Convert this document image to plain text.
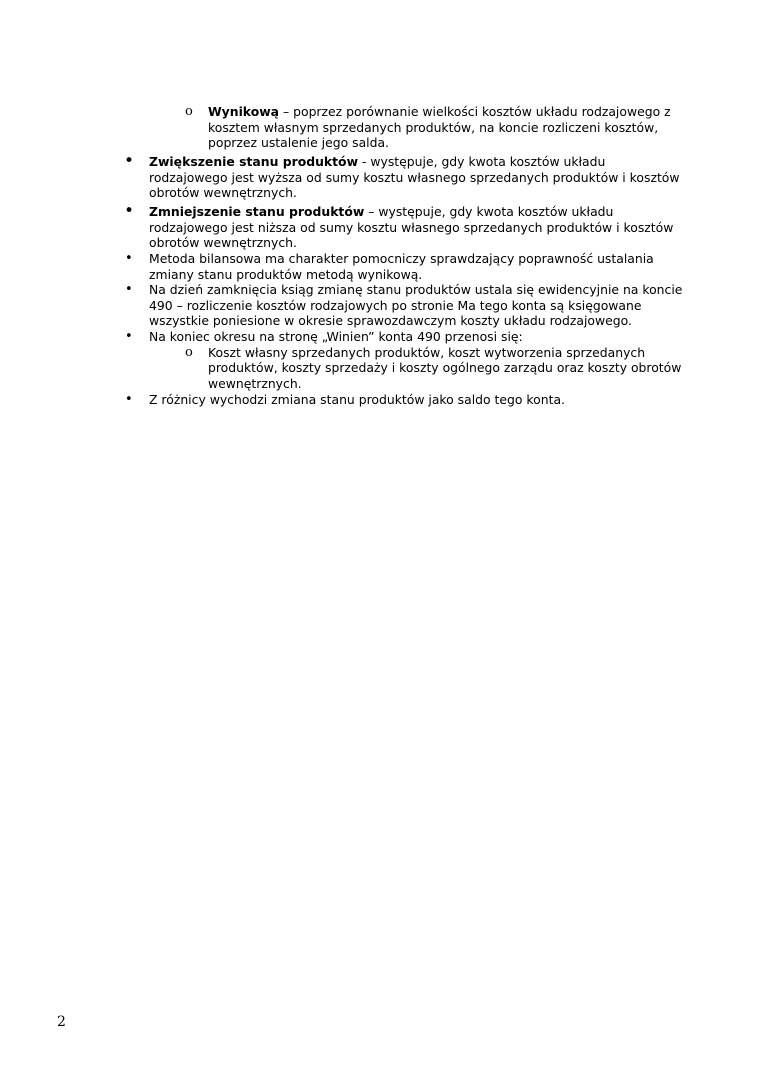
o Wynikową – poprzez porównanie wielkości kosztów układu rodzajowego z
kosztem własnym sprzedanych produktów, na koncie rozliczeni kosztów,
poprzez ustalenie jego salda.
• Zwiększenie stanu produktów - występuje, gdy kwota kosztów układu
rodzajowego jest wyższa od sumy kosztu własnego sprzedanych produktów i kosztów
obrotów wewnętrznych.
• Zmniejszenie stanu produktów – występuje, gdy kwota kosztów układu
rodzajowego jest niższa od sumy kosztu własnego sprzedanych produktów i kosztów
obrotów wewnętrznych.
• Metoda bilansowa ma charakter pomocniczy sprawdzający poprawność ustalania
zmiany stanu produktów metodą wynikową.
• Na dzień zamknięcia ksiąg zmianę stanu produktów ustala się ewidencyjnie na koncie
490 – rozliczenie kosztów rodzajowych po stronie Ma tego konta są księgowane
wszystkie poniesione w okresie sprawozdawczym koszty układu rodzajowego.
• Na koniec okresu na stronę „Winien” konta 490 przenosi się:
o Koszt własny sprzedanych produktów, koszt wytworzenia sprzedanych
produktów, koszty sprzedaży i koszty ogólnego zarządu oraz koszty obrotów
wewnętrznych.
• Z różnicy wychodzi zmiana stanu produktów jako saldo tego konta.
2
